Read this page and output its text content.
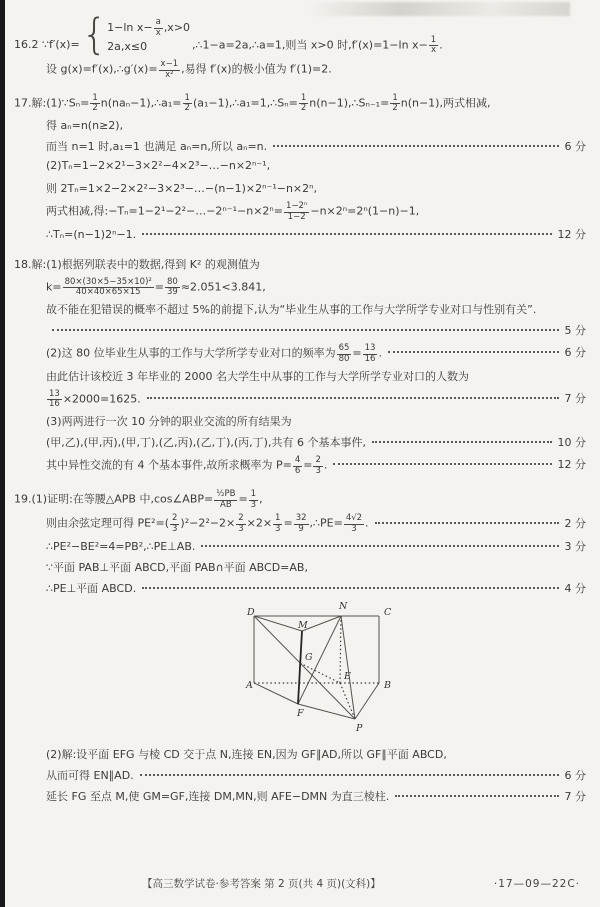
16.2 ∵f′(x)= { 1−ln $x- \frac{a}{x} ,x>0$
2a,x≤0	,∴1−a=2a,∴a=1,则当 x>0 时,f′(x)=1−ln $x- \frac{1}{x}$ .
设 g(x)=f′(x),∴g′(x)= $\frac{x-1}{\text{x²}}$ ,易得 f′(x)的极小值为 f′(1)=2.
17.解:(1)∵Sₙ= $\frac{1}{2}$ n(naₙ−1),∴a₁= $\frac{1}{2}$ (a₁−1),∴a₁=1,∴Sₙ= $\frac{1}{2}$ n(n−1),∴Sₙ₋₁= $\frac{1}{2} n(n-1)$,两式相减,
得 aₙ=n(n≥2),
而当 n=1 时,a₁=1 也满足 aₙ=n,所以 aₙ=n.	6 分
(2)Tₙ=1−2×2¹−3×2²−4×2³−…−n×2ⁿ⁻¹,
则 2Tₙ=1×2−2×2²−3×2³−…−(n−1)×2ⁿ⁻¹−n×2ⁿ,
两式相减,得:−Tₙ=1−2¹−2²−…−2ⁿ⁻¹−n×2ⁿ= $\frac{\text{1−2ⁿ}}{1-2} -n\times 2^n=2^n(1-n)-1$,
∴Tₙ=(n−1)2ⁿ−1.	12 分
18.解:(1)根据列联表中的数据,得到 K² 的观测值为
$k= \frac{\text{80×(30×5−35×10)²}}{40\times 40\times 65\times 15} = \frac{80}{39} \approx 2.051<3.841$,
故不能在犯错误的概率不超过 5%的前提下,认为“毕业生从事的工作与大学所学专业对口与性别有关”.
5 分
(2)这 80 位毕业生从事的工作与大学所学专业对口的频率为 $\frac{65}{80} = \frac{13}{16}$ .	6 分
由此估计该校近 3 年毕业的 2000 名大学生中从事的工作与大学所学专业对口的人数为
$\frac{13}{16} \times 2000=1625$.	7 分
(3)两两进行一次 10 分钟的职业交流的所有结果为
(甲,乙),(甲,丙),(甲,丁),(乙,丙),(乙,丁),(丙,丁),共有 6 个基本事件,	10 分
其中异性交流的有 4 个基本事件,故所求概率为 $P= \frac{4}{6} = \frac{2}{3}$ .	12 分
19.(1)证明:在等腰△APB 中,cos∠ABP= $\frac{\text{½PB}}{AB} = \frac{1}{3}$ ,
则由余弦定理可得 $PE^2=( \frac{2}{3} )^2-2^2-2\times \frac{2}{3} \times 2\times \frac{1}{3} = \frac{32}{9}$ ,∴PE= $\frac{4√2}{3}$ .	2 分
∴PE²−BE²=4=PB²,∴PE⊥AB.	3 分
∵平面 PAB⊥平面 ABCD,平面 PAB∩平面 ABCD=AB,
∴PE⊥平面 ABCD.	4 分
D
N
C
M
G
A
E
B
F
P
(2)解:设平面 EFG 与棱 CD 交于点 N,连接 EN,因为 GF∥AD,所以 GF∥平面 ABCD,
从而可得 EN∥AD.	6 分
延长 FG 至点 M,使 GM=GF,连接 DM,MN,则 AFE−DMN 为直三棱柱.	7 分
【高三数学试卷·参考答案 第 2 页(共 4 页)(文科)】	·17—09—22C·
